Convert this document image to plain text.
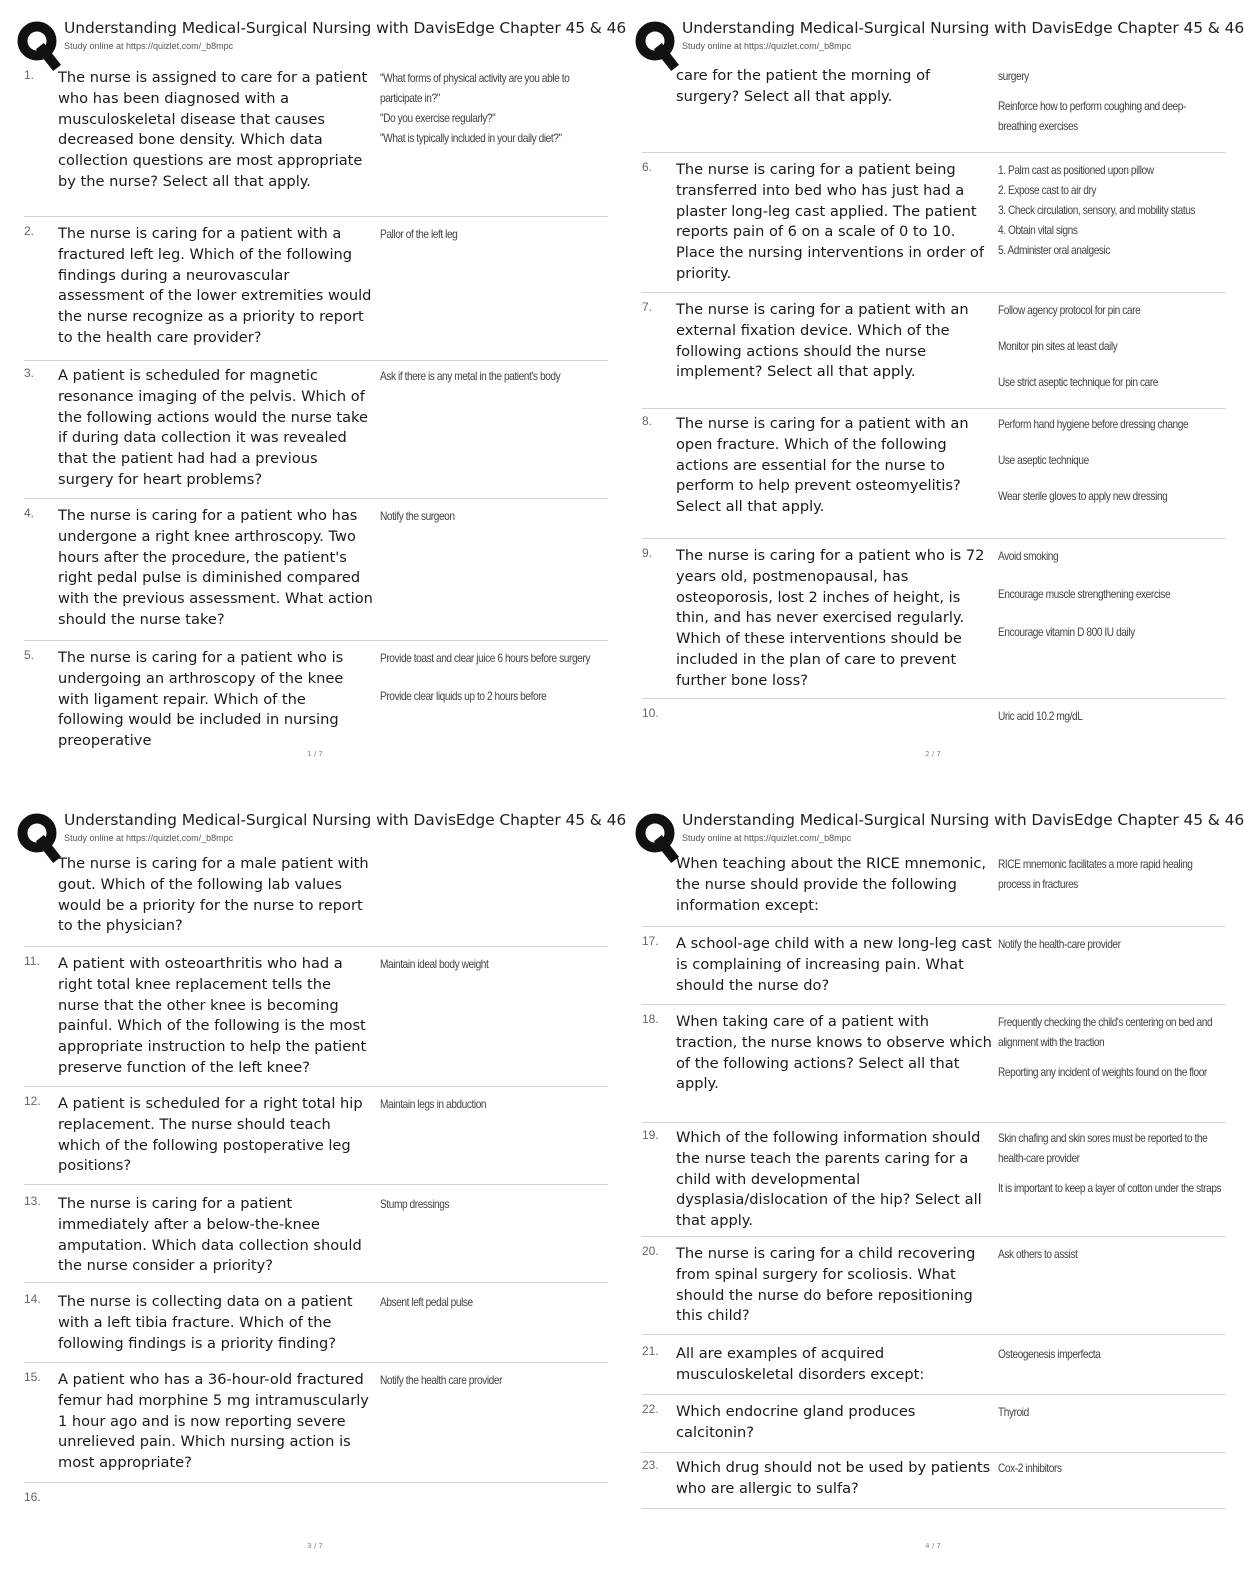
Understanding Medical-Surgical Nursing with DavisEdge Chapter 45 & 46
Study online at https://quizlet.com/_b8mpc
1. The nurse is assigned to care for a patient who has been diagnosed with a musculoskeletal disease that causes decreased bone density. Which data collection questions are most appropriate by the nurse? Select all that apply.
"What forms of physical activity are you able to participate in?"
"Do you exercise regularly?"
"What is typically included in your daily diet?"
2. The nurse is caring for a patient with a fractured left leg. Which of the following findings during a neurovascular assessment of the lower extremities would the nurse recognize as a priority to report to the health care provider?
Pallor of the left leg
3. A patient is scheduled for magnetic resonance imaging of the pelvis. Which of the following actions would the nurse take if during data collection it was revealed that the patient had had a previous surgery for heart problems?
Ask if there is any metal in the patient's body
4. The nurse is caring for a patient who has undergone a right knee arthroscopy. Two hours after the procedure, the patient's right pedal pulse is diminished compared with the previous assessment. What action should the nurse take?
Notify the surgeon
5. The nurse is caring for a patient who is undergoing an arthroscopy of the knee with ligament repair. Which of the following would be included in nursing preoperative
Provide toast and clear juice 6 hours before surgery
Provide clear liquids up to 2 hours before
1 / 7
Understanding Medical-Surgical Nursing with DavisEdge Chapter 45 & 46
Study online at https://quizlet.com/_b8mpc
care for the patient the morning of surgery? Select all that apply.
surgery
Reinforce how to perform coughing and deep-breathing exercises
6. The nurse is caring for a patient being transferred into bed who has just had a plaster long-leg cast applied. The patient reports pain of 6 on a scale of 0 to 10. Place the nursing interventions in order of priority.
1. Palm cast as positioned upon pillow
2. Expose cast to air dry
3. Check circulation, sensory, and mobility status
4. Obtain vital signs
5. Administer oral analgesic
7. The nurse is caring for a patient with an external fixation device. Which of the following actions should the nurse implement? Select all that apply.
Follow agency protocol for pin care
Monitor pin sites at least daily
Use strict aseptic technique for pin care
8. The nurse is caring for a patient with an open fracture. Which of the following actions are essential for the nurse to perform to help prevent osteomyelitis? Select all that apply.
Perform hand hygiene before dressing change
Use aseptic technique
Wear sterile gloves to apply new dressing
9. The nurse is caring for a patient who is 72 years old, postmenopausal, has osteoporosis, lost 2 inches of height, is thin, and has never exercised regularly. Which of these interventions should be included in the plan of care to prevent further bone loss?
Avoid smoking
Encourage muscle strengthening exercise
Encourage vitamin D 800 IU daily
10.	Uric acid 10.2 mg/dL
2 / 7
Understanding Medical-Surgical Nursing with DavisEdge Chapter 45 & 46
Study online at https://quizlet.com/_b8mpc
The nurse is caring for a male patient with gout. Which of the following lab values would be a priority for the nurse to report to the physician?
11. A patient with osteoarthritis who had a right total knee replacement tells the nurse that the other knee is becoming painful. Which of the following is the most appropriate instruction to help the patient preserve function of the left knee?
Maintain ideal body weight
12. A patient is scheduled for a right total hip replacement. The nurse should teach which of the following postoperative leg positions?
Maintain legs in abduction
13. The nurse is caring for a patient immediately after a below-the-knee amputation. Which data collection should the nurse consider a priority?
Stump dressings
14. The nurse is collecting data on a patient with a left tibia fracture. Which of the following findings is a priority finding?
Absent left pedal pulse
15. A patient who has a 36-hour-old fractured femur had morphine 5 mg intramuscularly 1 hour ago and is now reporting severe unrelieved pain. Which nursing action is most appropriate?
Notify the health care provider
16.
3 / 7
Understanding Medical-Surgical Nursing with DavisEdge Chapter 45 & 46
Study online at https://quizlet.com/_b8mpc
When teaching about the RICE mnemonic, the nurse should provide the following information except:
RICE mnemonic facilitates a more rapid healing process in fractures
17. A school-age child with a new long-leg cast is complaining of increasing pain. What should the nurse do?
Notify the health-care provider
18. When taking care of a patient with traction, the nurse knows to observe which of the following actions? Select all that apply.
Frequently checking the child's centering on bed and alignment with the traction
Reporting any incident of weights found on the floor
19. Which of the following information should the nurse teach the parents caring for a child with developmental dysplasia/dislocation of the hip? Select all that apply.
Skin chafing and skin sores must be reported to the health-care provider
It is important to keep a layer of cotton under the straps
20. The nurse is caring for a child recovering from spinal surgery for scoliosis. What should the nurse do before repositioning this child?
Ask others to assist
21. All are examples of acquired musculoskeletal disorders except:
Osteogenesis imperfecta
22. Which endocrine gland produces calcitonin?
Thyroid
23. Which drug should not be used by patients who are allergic to sulfa?
Cox-2 inhibitors
4 / 7
